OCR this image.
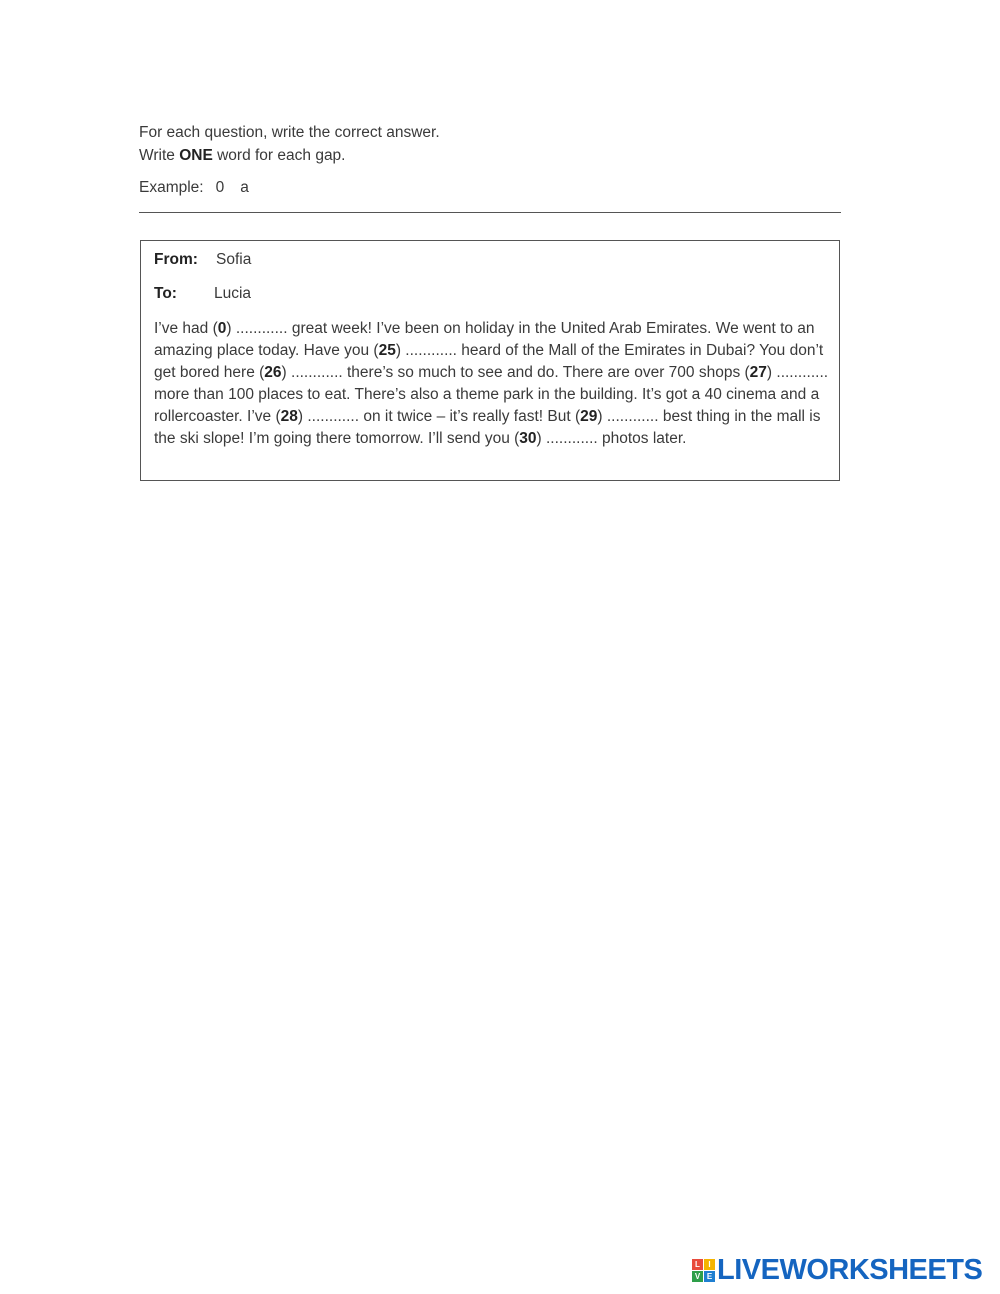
For each question, write the correct answer.
Write ONE word for each gap.
Example: 0 a
From: Sofia
To: Lucia
I’ve had (0) ............ great week! I’ve been on holiday in the United Arab Emirates. We went to an amazing place today. Have you (25) ............ heard of the Mall of the Emirates in Dubai? You don’t get bored here (26) ............ there’s so much to see and do. There are over 700 shops (27) ............ more than 100 places to eat. There’s also a theme park in the building. It’s got a 40 cinema and a rollercoaster. I’ve (28) ............ on it twice – it’s really fast! But (29) ............ best thing in the mall is the ski slope! I’m going there tomorrow. I’ll send you (30) ............ photos later.
L	I
V E LIVEWORKSHEETS
